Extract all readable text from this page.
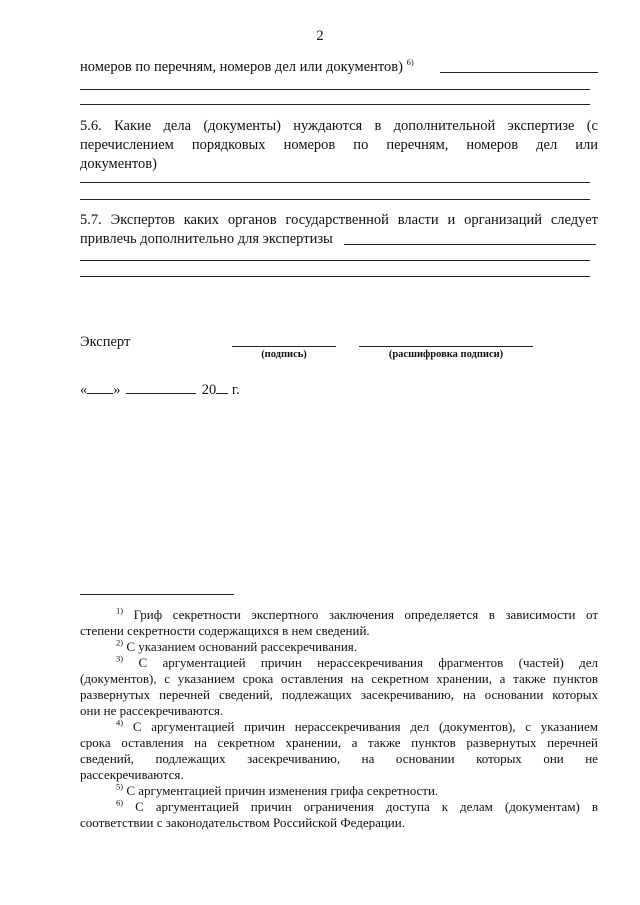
2
номеров по перечням, номеров дел или документов) $^{6)}$
5.6. Какие дела (документы) нуждаются в дополнительной экспертизе (с
перечислением порядковых номеров по перечням, номеров дел или
документов)
5.7. Экспертов каких органов государственной власти и организаций следует
привлечь дополнительно для экспертизы
Эксперт
(подпись)	(расшифровка подписи)
« »	20 г.
$^{1)}$ Гриф секретности экспертного заключения определяется в зависимости от
степени секретности содержащихся в нем сведений.
$^{2)}$ С указанием оснований рассекречивания.
$^{3)}$ С аргументацией причин нерассекречивания фрагментов (частей) дел
(документов), с указанием срока оставления на секретном хранении, а также пунктов
развернутых перечней сведений, подлежащих засекречиванию, на основании которых
они не рассекречиваются.
$^{4)}$ С аргументацией причин нерассекречивания дел (документов), с указанием
срока оставления на секретном хранении, а также пунктов развернутых перечней
сведений, подлежащих засекречиванию, на основании которых они не
рассекречиваются.
$^{5)}$ С аргументацией причин изменения грифа секретности.
$^{6)}$ С аргументацией причин ограничения доступа к делам (документам) в
соответствии с законодательством Российской Федерации.
